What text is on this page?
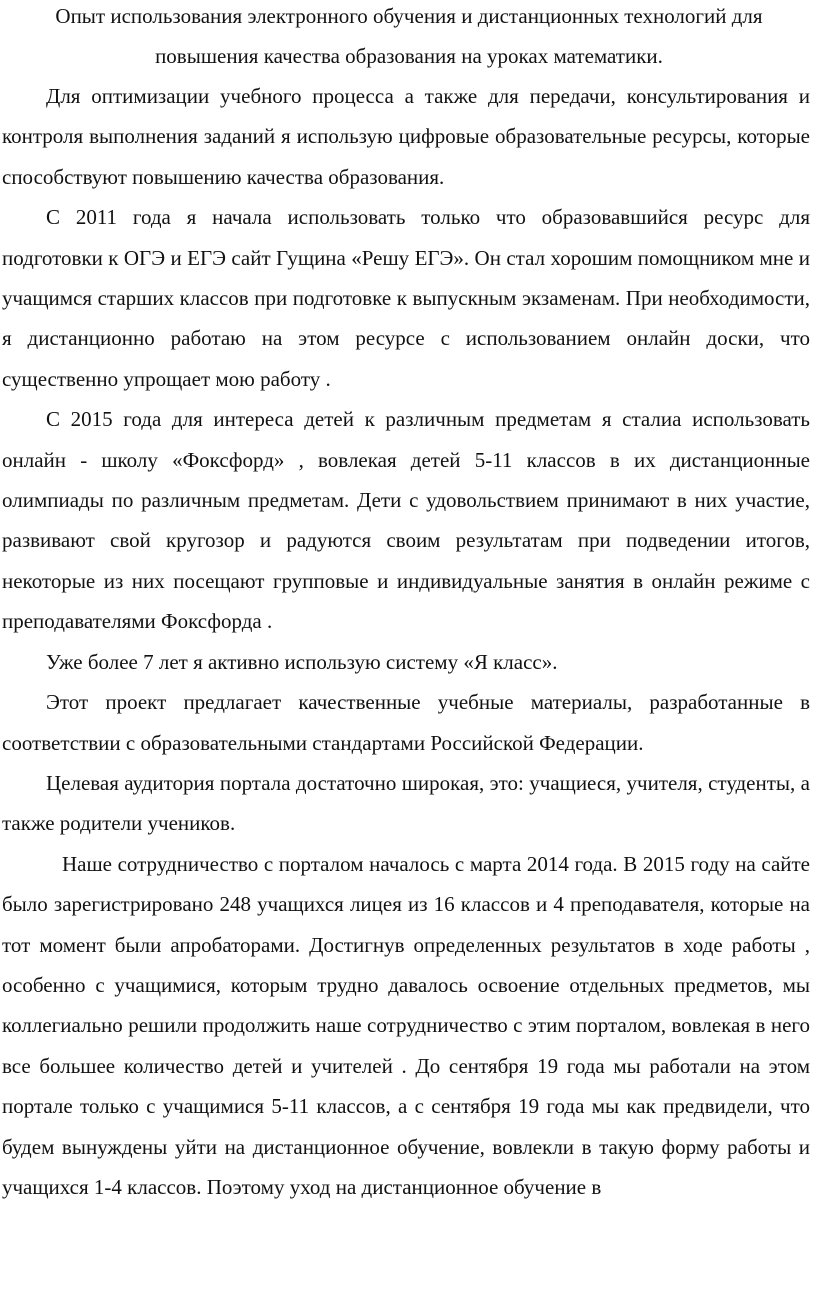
Опыт использования электронного обучения и дистанционных технологий для повышения качества образования на уроках математики.

Для оптимизации учебного процесса а также для передачи, консультирования и контроля выполнения заданий я использую цифровые образовательные ресурсы, которые способствуют повышению качества образования.

С 2011 года я начала использовать только что образовавшийся ресурс для подготовки к ОГЭ и ЕГЭ сайт Гущина «Решу ЕГЭ». Он стал хорошим помощником мне и учащимся старших классов при подготовке к выпускным экзаменам. При необходимости, я дистанционно работаю на этом ресурсе с использованием онлайн доски, что существенно упрощает мою работу .

С 2015 года для интереса детей к различным предметам я сталиа использовать онлайн - школу «Фоксфорд» , вовлекая детей 5-11 классов в их дистанционные олимпиады по различным предметам. Дети с удовольствием принимают в них участие, развивают свой кругозор и радуются своим результатам при подведении итогов, некоторые из них посещают групповые и индивидуальные занятия в онлайн режиме с преподавателями Фоксфорда .

Уже более 7 лет я активно использую систему «Я класс».

Этот проект предлагает качественные учебные материалы, разработанные в соответствии с образовательными стандартами Российской Федерации.

Целевая аудитория портала достаточно широкая, это: учащиеся, учителя, студенты, а также родители учеников.

Наше сотрудничество с порталом началось с марта 2014 года. В 2015 году на сайте было зарегистрировано 248 учащихся лицея из 16 классов и 4 преподавателя, которые на тот момент были апробаторами. Достигнув определенных результатов в ходе работы , особенно с учащимися, которым трудно давалось освоение отдельных предметов, мы коллегиально решили продолжить наше сотрудничество с этим порталом, вовлекая в него все большее количество детей и учителей . До сентября 19 года мы работали на этом портале только с учащимися 5-11 классов, а с сентября 19 года мы как предвидели, что будем вынуждены уйти на дистанционное обучение, вовлекли в такую форму работы и учащихся 1-4 классов. Поэтому уход на дистанционное обучение в
